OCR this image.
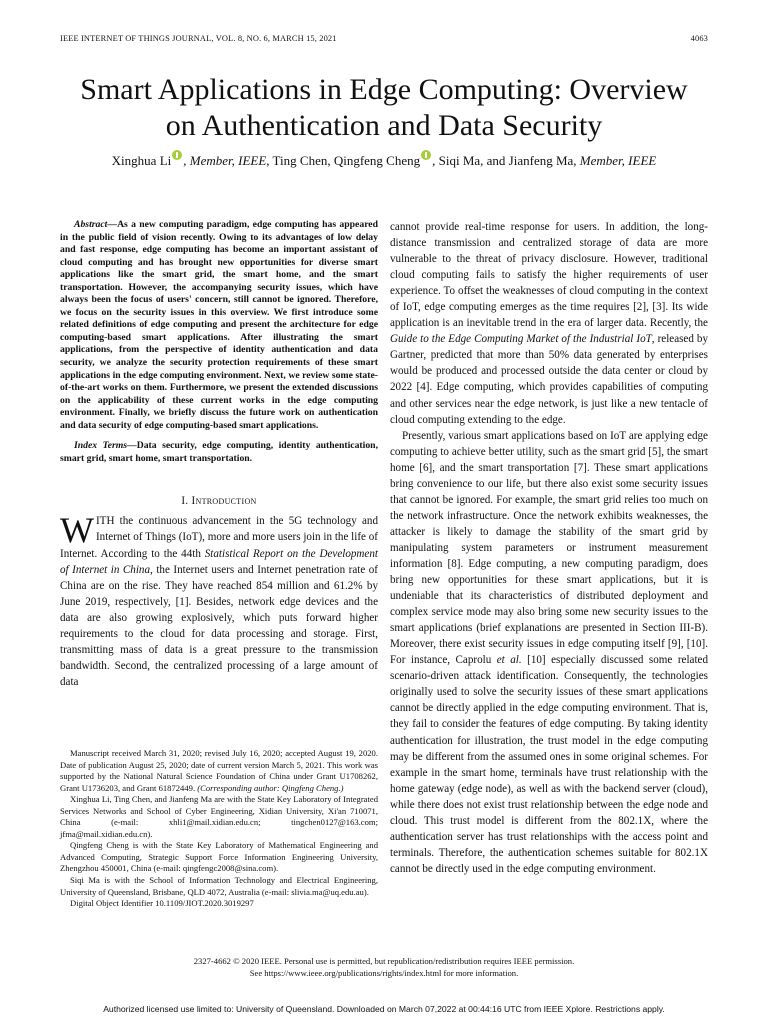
IEEE INTERNET OF THINGS JOURNAL, VOL. 8, NO. 6, MARCH 15, 2021	4063
Smart Applications in Edge Computing: Overview
on Authentication and Data Security
Xinghua Li , Member, IEEE, Ting Chen, Qingfeng Cheng , Siqi Ma, and Jianfeng Ma, Member, IEEE

Abstract—As a new computing paradigm, edge computing has appeared in the public field of vision recently. Owing to its advantages of low delay and fast response, edge computing has become an important assistant of cloud computing and has brought new opportunities for diverse smart applications like the smart grid, the smart home, and the smart transportation. However, the accompanying security issues, which have always been the focus of users' concern, still cannot be ignored. Therefore, we focus on the security issues in this overview. We first introduce some related definitions of edge computing and present the architecture for edge computing-based smart applications. After illustrating the smart applications, from the perspective of identity authentication and data security, we analyze the security protection requirements of these smart applications in the edge computing environment. Next, we review some state-of-the-art works on them. Furthermore, we present the extended discussions on the applicability of these current works in the edge computing environment. Finally, we briefly discuss the future work on authentication and data security of edge computing-based smart applications.

Index Terms—Data security, edge computing, identity authentication, smart grid, smart home, smart transportation.

I. Introduction

WITH the continuous advancement in the 5G technology and Internet of Things (IoT), more and more users join in the life of Internet. According to the 44th Statistical Report on the Development of Internet in China, the Internet users and Internet penetration rate of China are on the rise. They have reached 854 million and 61.2% by June 2019, respectively, [1]. Besides, network edge devices and the data are also growing explosively, which puts forward higher requirements to the cloud for data processing and storage. First, transmitting mass of data is a great pressure to the transmission bandwidth. Second, the centralized processing of a large amount of data

Manuscript received March 31, 2020; revised July 16, 2020; accepted August 19, 2020. Date of publication August 25, 2020; date of current version March 5, 2021. This work was supported by the National Natural Science Foundation of China under Grant U1708262, Grant U1736203, and Grant 61872449. (Corresponding author: Qingfeng Cheng.)

Xinghua Li, Ting Chen, and Jianfeng Ma are with the State Key Laboratory of Integrated Services Networks and School of Cyber Engineering, Xidian University, Xi'an 710071, China (e-mail: xhli1@mail.xidian.edu.cn; tingchen0127@163.com; jfma@mail.xidian.edu.cn).

Qingfeng Cheng is with the State Key Laboratory of Mathematical Engineering and Advanced Computing, Strategic Support Force Information Engineering University, Zhengzhou 450001, China (e-mail: qingfengc2008@sina.com).

Siqi Ma is with the School of Information Technology and Electrical Engineering, University of Queensland, Brisbane, QLD 4072, Australia (e-mail: slivia.ma@uq.edu.au).

Digital Object Identifier 10.1109/JIOT.2020.3019297

cannot provide real-time response for users. In addition, the long-distance transmission and centralized storage of data are more vulnerable to the threat of privacy disclosure. However, traditional cloud computing fails to satisfy the higher requirements of user experience. To offset the weaknesses of cloud computing in the context of IoT, edge computing emerges as the time requires [2], [3]. Its wide application is an inevitable trend in the era of larger data. Recently, the Guide to the Edge Computing Market of the Industrial IoT, released by Gartner, predicted that more than 50% data generated by enterprises would be produced and processed outside the data center or cloud by 2022 [4]. Edge computing, which provides capabilities of computing and other services near the edge network, is just like a new tentacle of cloud computing extending to the edge.

Presently, various smart applications based on IoT are applying edge computing to achieve better utility, such as the smart grid [5], the smart home [6], and the smart transportation [7]. These smart applications bring convenience to our life, but there also exist some security issues that cannot be ignored. For example, the smart grid relies too much on the network infrastructure. Once the network exhibits weaknesses, the attacker is likely to damage the stability of the smart grid by manipulating system parameters or instrument measurement information [8]. Edge computing, a new computing paradigm, does bring new opportunities for these smart applications, but it is undeniable that its characteristics of distributed deployment and complex service mode may also bring some new security issues to the smart applications (brief explanations are presented in Section III-B). Moreover, there exist security issues in edge computing itself [9], [10]. For instance, Caprolu et al. [10] especially discussed some related scenario-driven attack identification. Consequently, the technologies originally used to solve the security issues of these smart applications cannot be directly applied in the edge computing environment. That is, they fail to consider the features of edge computing. By taking identity authentication for illustration, the trust model in the edge computing may be different from the assumed ones in some original schemes. For example in the smart home, terminals have trust relationship with the home gateway (edge node), as well as with the backend server (cloud), while there does not exist trust relationship between the edge node and cloud. This trust model is different from the 802.1X, where the authentication server has trust relationships with the access point and terminals. Therefore, the authentication schemes suitable for 802.1X cannot be directly used in the edge computing environment.

2327-4662 © 2020 IEEE. Personal use is permitted, but republication/redistribution requires IEEE permission.
See https://www.ieee.org/publications/rights/index.html for more information.
Authorized licensed use limited to: University of Queensland. Downloaded on March 07,2022 at 00:44:16 UTC from IEEE Xplore. Restrictions apply.
